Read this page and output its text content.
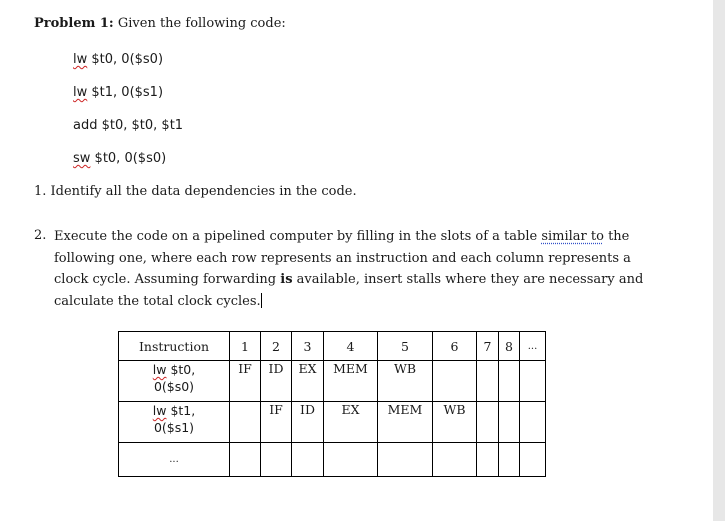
Problem 1: Given the following code:
lw $t0, 0($s0)
lw $t1, 0($s1)
add $t0, $t0, $t1
sw $t0, 0($s0)
1. Identify all the data dependencies in the code.
2. Execute the code on a pipelined computer by filling in the slots of a table similar to the

following one, where each row represents an instruction and each column represents a

clock cycle. Assuming forwarding is available, insert stalls where they are necessary and

calculate the total clock cycles.

Instruction	1	2	3	4	5	6	7	8	...
lw $t0,
0($s0)	IF	ID	EX	MEM	WB				
lw $t1,
0($s1)		IF	ID	EX	MEM	WB			
...									
